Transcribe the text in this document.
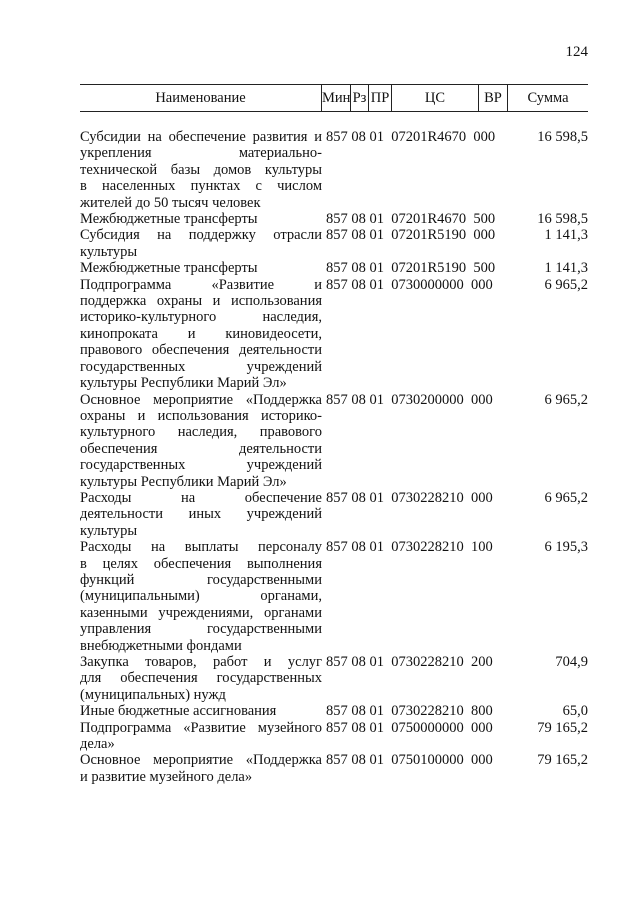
124
Наименование	Мин Рз ПР	ЦС	ВР	Сумма
Субсидии на обеспечение развития и
укрепления материально-
технической базы домов культуры
в населенных пунктах с числом
жителей до 50 тысяч человек
857 08 01  07201R4670  000	16 598,5
Межбюджетные трансферты	857 08 01  07201R4670  500	16 598,5
Субсидия на поддержку отрасли
культуры
857 08 01  07201R5190  000	1 141,3
Межбюджетные трансферты	857 08 01  07201R5190  500	1 141,3
Подпрограмма «Развитие и
поддержка охраны и использования
историко-культурного наследия,
кинопроката и киновидеосети,
правового обеспечения деятельности
государственных учреждений
культуры Республики Марий Эл»
857 08 01  0730000000  000	6 965,2
Основное мероприятие «Поддержка
охраны и использования историко-
культурного наследия, правового
обеспечения деятельности
государственных учреждений
культуры Республики Марий Эл»
857 08 01  0730200000  000	6 965,2
Расходы на обеспечение
деятельности иных учреждений
культуры
857 08 01  0730228210  000	6 965,2
Расходы на выплаты персоналу
в целях обеспечения выполнения
функций государственными
(муниципальными) органами,
казенными учреждениями, органами
управления государственными
внебюджетными фондами
857 08 01  0730228210  100	6 195,3
Закупка товаров, работ и услуг
для обеспечения государственных
(муниципальных) нужд
857 08 01  0730228210  200	704,9
Иные бюджетные ассигнования	857 08 01  0730228210  800	65,0
Подпрограмма «Развитие музейного
дела»
857 08 01  0750000000  000	79 165,2
Основное мероприятие «Поддержка
и развитие музейного дела»
857 08 01  0750100000  000	79 165,2
